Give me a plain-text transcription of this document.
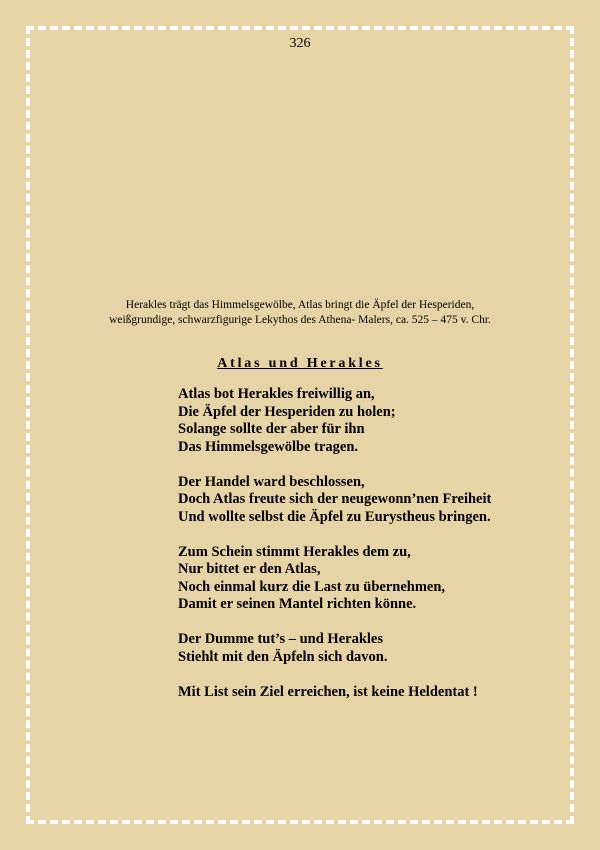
326
Herakles trägt das Himmelsgewölbe, Atlas bringt die Äpfel der Hesperiden,
weißgrundige, schwarzfigurige Lekythos des Athena- Malers, ca. 525 – 475 v. Chr.
Atlas und Herakles
Atlas bot Herakles freiwillig an,
Die Äpfel der Hesperiden zu holen;
Solange sollte der aber für ihn
Das Himmelsgewölbe tragen.
Der Handel ward beschlossen,
Doch Atlas freute sich der neugewonn’nen Freiheit
Und wollte selbst die Äpfel zu Eurystheus bringen.
Zum Schein stimmt Herakles dem zu,
Nur bittet er den Atlas,
Noch einmal kurz die Last zu übernehmen,
Damit er seinen Mantel richten könne.
Der Dumme tut’s – und Herakles
Stiehlt mit den Äpfeln sich davon.
Mit List sein Ziel erreichen, ist keine Heldentat !
